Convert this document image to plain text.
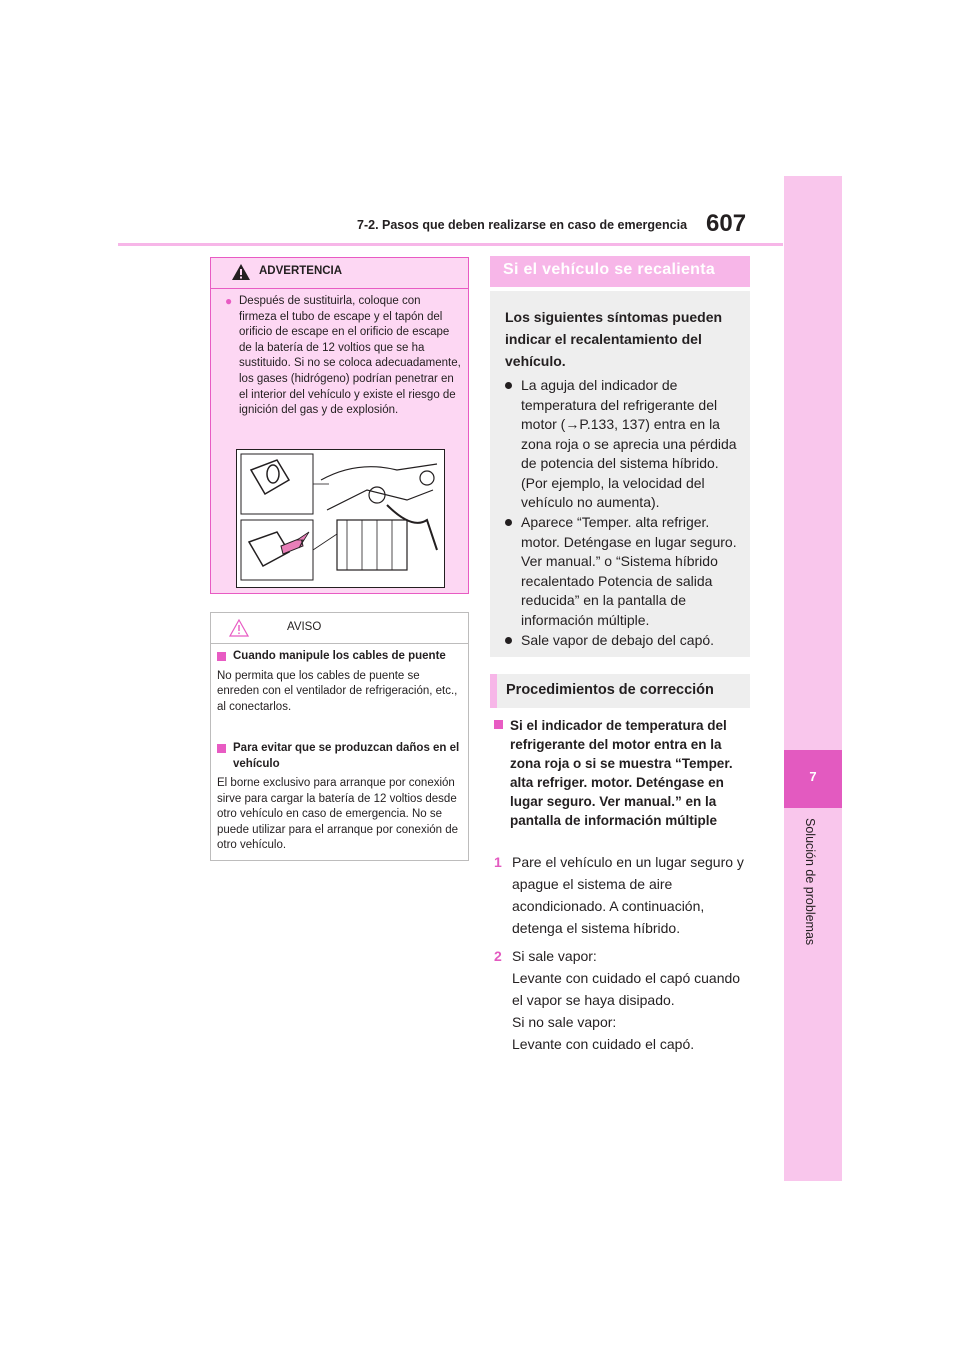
7-2. Pasos que deben realizarse en caso de emergencia 607
7
Solución de problemas
ADVERTENCIA
● Después de sustituirla, coloque con firmeza el tubo de escape y el tapón del orificio de escape en el orificio de escape de la batería de 12 voltios que se ha sustituido. Si no se coloca adecuadamente, los gases (hidrógeno) podrían penetrar en el interior del vehículo y existe el riesgo de ignición del gas y de explosión.
AVISO
Cuando manipule los cables de puente
No permita que los cables de puente se enreden con el ventilador de refrigeración, etc., al conectarlos.
Para evitar que se produzcan daños en el vehículo
El borne exclusivo para arranque por conexión sirve para cargar la batería de 12 voltios desde otro vehículo en caso de emergencia. No se puede utilizar para el arranque por conexión de otro vehículo.
Si el vehículo se recalienta
Los siguientes síntomas pueden indicar el recalentamiento del vehículo.
La aguja del indicador de temperatura del refrigerante del motor (→P.133, 137) entra en la zona roja o se aprecia una pérdida de potencia del sistema híbrido. (Por ejemplo, la velocidad del vehículo no aumenta).
Aparece “Temper. alta refriger. motor. Deténgase en lugar seguro. Ver manual.” o “Sistema híbrido recalentado Potencia de salida reducida” en la pantalla de información múltiple.
Sale vapor de debajo del capó.
Procedimientos de corrección
Si el indicador de temperatura del refrigerante del motor entra en la zona roja o si se muestra “Temper. alta refriger. motor. Deténgase en lugar seguro. Ver manual.” en la pantalla de información múltiple
1 Pare el vehículo en un lugar seguro y apague el sistema de aire acondicionado. A continuación, detenga el sistema híbrido.
2 Si sale vapor:
Levante con cuidado el capó cuando el vapor se haya disipado.
Si no sale vapor:
Levante con cuidado el capó.
